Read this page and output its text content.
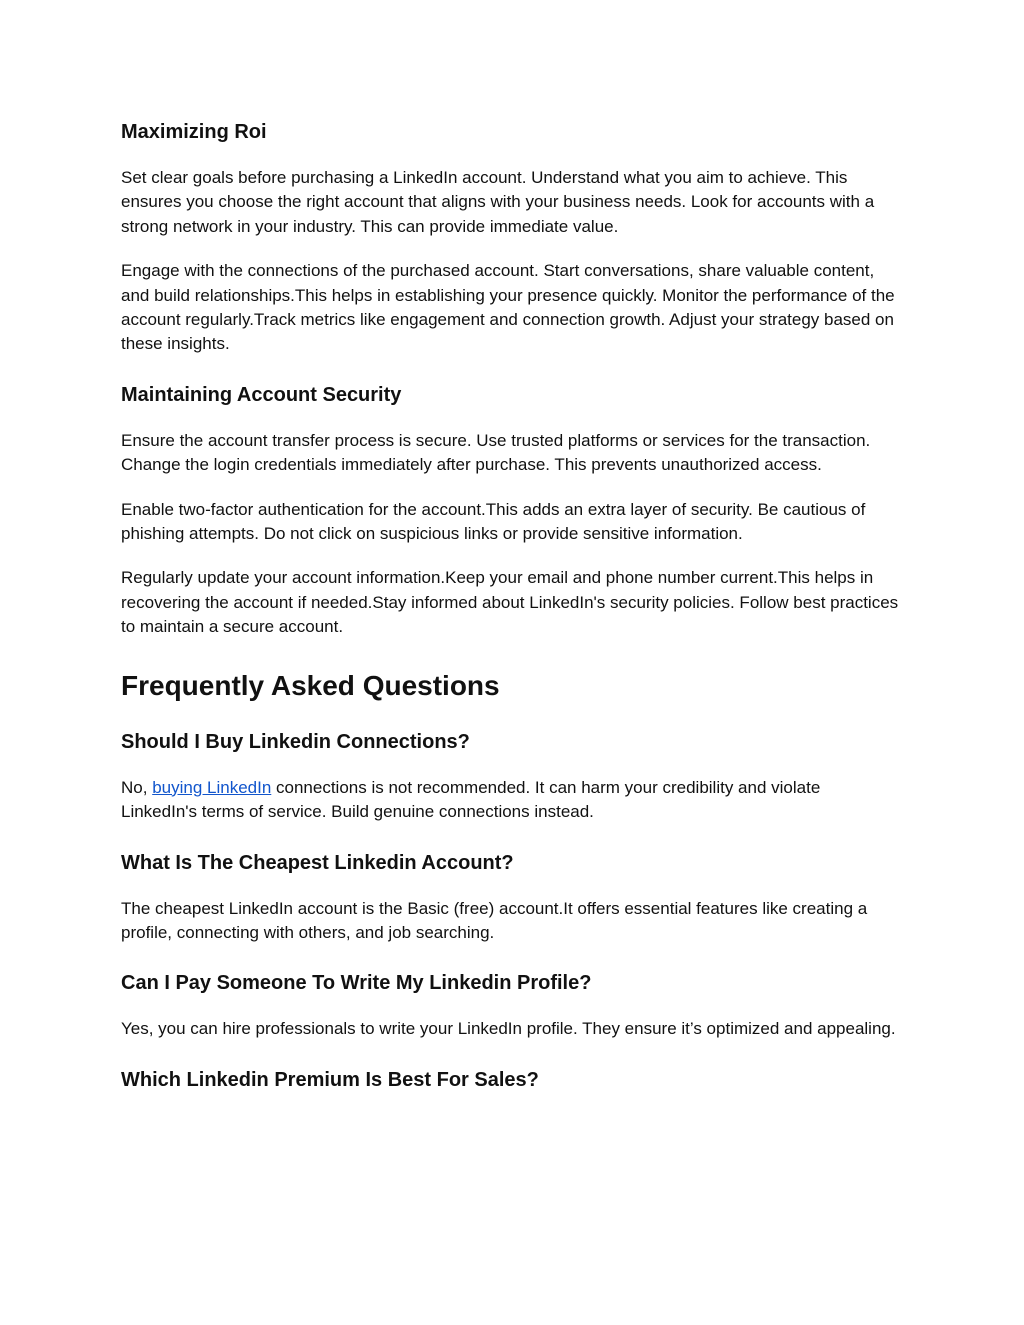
Maximizing Roi

Set clear goals before purchasing a LinkedIn account. Understand what you aim to achieve. This ensures you choose the right account that aligns with your business needs. Look for accounts with a strong network in your industry. This can provide immediate value.

Engage with the connections of the purchased account. Start conversations, share valuable content, and build relationships.This helps in establishing your presence quickly. Monitor the performance of the account regularly.Track metrics like engagement and connection growth. Adjust your strategy based on these insights.

Maintaining Account Security

Ensure the account transfer process is secure. Use trusted platforms or services for the transaction. Change the login credentials immediately after purchase. This prevents unauthorized access.

Enable two-factor authentication for the account.This adds an extra layer of security. Be cautious of phishing attempts. Do not click on suspicious links or provide sensitive information.

Regularly update your account information.Keep your email and phone number current.This helps in recovering the account if needed.Stay informed about LinkedIn's security policies. Follow best practices to maintain a secure account.

Frequently Asked Questions
Should I Buy Linkedin Connections?

No, buying LinkedIn connections is not recommended. It can harm your credibility and violate LinkedIn's terms of service. Build genuine connections instead.

What Is The Cheapest Linkedin Account?

The cheapest LinkedIn account is the Basic (free) account.It offers essential features like creating a profile, connecting with others, and job searching.

Can I Pay Someone To Write My Linkedin Profile?

Yes, you can hire professionals to write your LinkedIn profile. They ensure it’s optimized and appealing.

Which Linkedin Premium Is Best For Sales?
